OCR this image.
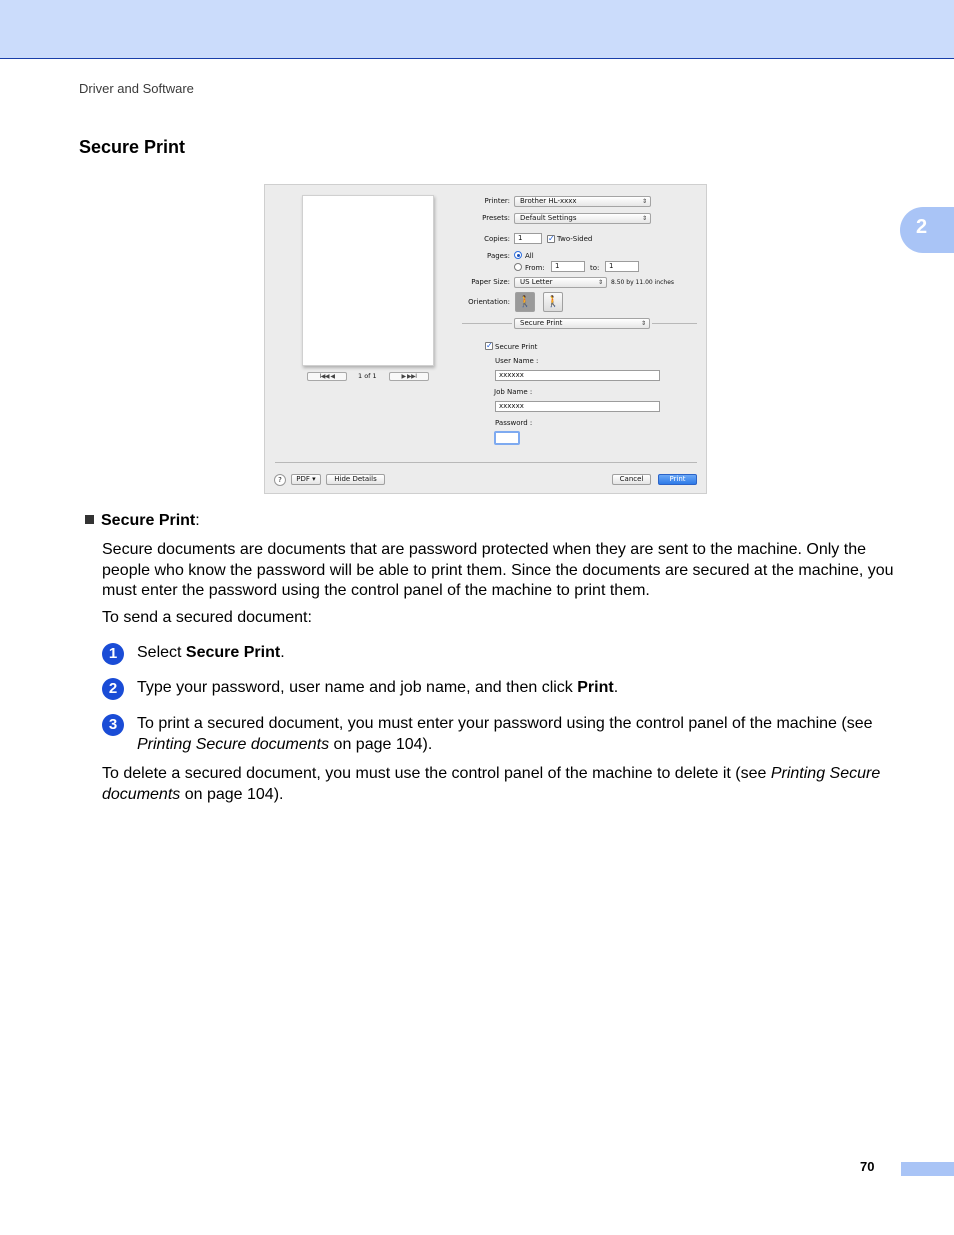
Driver and Software
2
Secure Print
I◀◀ ◀	1 of 1	▶ ▶▶I
Printer:	Brother HL-xxxx	⇕
Presets:	Default Settings	⇕
Copies:	1	✓ Two-Sided
Pages: All
From:	1	to:	1
Paper Size:	US Letter	⇕ 8.50 by 11.00 inches
Orientation: 🚶 🚶
Secure Print	⇕
✓ Secure Print
User Name :
xxxxxx
Job Name :
xxxxxx
Password :
?	PDF ▾	Hide Details	Cancel	Print
Secure Print:
Secure documents are documents that are password protected when they are sent to the machine. Only the people who know the password will be able to print them. Since the documents are secured at the machine, you must enter the password using the control panel of the machine to print them.
To send a secured document:
1	Select Secure Print.
2	Type your password, user name and job name, and then click Print.
3	To print a secured document, you must enter your password using the control panel of the machine (see Printing Secure documents on page 104).
To delete a secured document, you must use the control panel of the machine to delete it (see Printing Secure documents on page 104).
70
